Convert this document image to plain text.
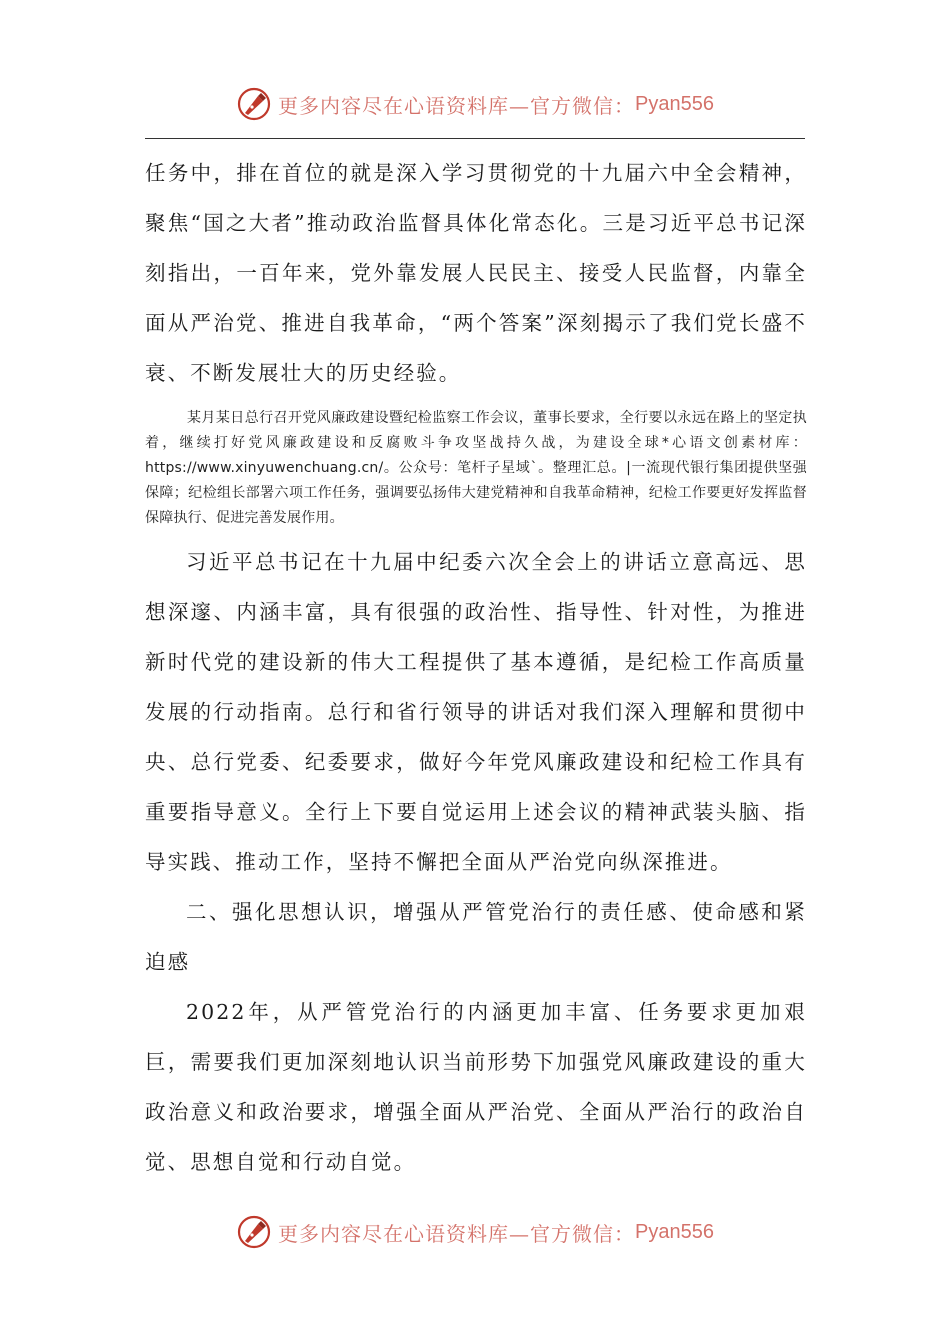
更多内容尽在心语资料库—官方微信： Pyan556

任务中，排在首位的就是深入学习贯彻党的十九届六中全会精神，聚焦“国之大者”推动政治监督具体化常态化。三是习近平总书记深刻指出，一百年来，党外靠发展人民民主、接受人民监督，内靠全面从严治党、推进自我革命，“两个答案”深刻揭示了我们党长盛不衰、不断发展壮大的历史经验。

某月某日总行召开党风廉政建设暨纪检监察工作会议，董事长要求，全行要以永远在路上的坚定执着，继续打好党风廉政建设和反腐败斗争攻坚战持久战，为建设全球*心语文创素材库：https://www.xinyuwenchuang.cn/。公众号：笔杆子星域`。整理汇总。|一流现代银行集团提供坚强保障；纪检组长部署六项工作任务，强调要弘扬伟大建党精神和自我革命精神，纪检工作要更好发挥监督保障执行、促进完善发展作用。

习近平总书记在十九届中纪委六次全会上的讲话立意高远、思想深邃、内涵丰富，具有很强的政治性、指导性、针对性，为推进新时代党的建设新的伟大工程提供了基本遵循，是纪检工作高质量发展的行动指南。总行和省行领导的讲话对我们深入理解和贯彻中央、总行党委、纪委要求，做好今年党风廉政建设和纪检工作具有重要指导意义。全行上下要自觉运用上述会议的精神武装头脑、指导实践、推动工作，坚持不懈把全面从严治党向纵深推进。

二、强化思想认识，增强从严管党治行的责任感、使命感和紧迫感

2022年，从严管党治行的内涵更加丰富、任务要求更加艰巨，需要我们更加深刻地认识当前形势下加强党风廉政建设的重大政治意义和政治要求，增强全面从严治党、全面从严治行的政治自觉、思想自觉和行动自觉。

更多内容尽在心语资料库—官方微信： Pyan556
